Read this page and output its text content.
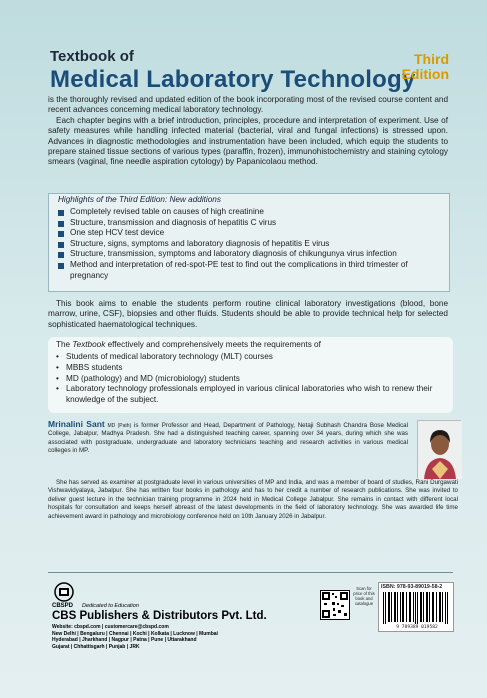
Textbook of
Medical Laboratory Technology
Third
Edition

is the thoroughly revised and updated edition of the book incorporating most of the revised course content and recent advances concerning medical laboratory technology.

Each chapter begins with a brief introduction, principles, procedure and interpretation of experiment. Use of safety measures while handling infected material (bacterial, viral and fungal infections) is stressed upon. Advances in diagnostic methodologies and instrumentation have been included, which equip the students to prepare stained tissue sections of various types (paraffin, frozen), immunohistochemistry and staining cytology smears (vaginal, fine needle aspiration cytology) by Papanicolaou method.

Highlights of the Third Edition: New additions
Completely revised table on causes of high creatinine
Structure, transmission and diagnosis of hepatitis C virus
One step HCV test device
Structure, signs, symptoms and laboratory diagnosis of hepatitis E virus
Structure, transmission, symptoms and laboratory diagnosis of chikungunya virus infection
Method and interpretation of red-spot-PE test to find out the complications in third trimester of pregnancy

This book aims to enable the students perform routine clinical laboratory investigations (blood, bone marrow, urine, CSF), biopsies and other fluids. Students should be able to provide technical help for selected sophisticated haematological techniques.

The Textbook effectively and comprehensively meets the requirements of
• Students of medical laboratory technology (MLT) courses
• MBBS students
• MD (pathology) and MD (microbiology) students
• Laboratory technology professionals employed in various clinical laboratories who wish to renew their knowledge of the subject.

Mrinalini Sant MD (Path) is former Professor and Head, Department of Pathology, Netaji Subhash Chandra Bose Medical College, Jabalpur, Madhya Pradesh. She had a distinguished teaching career, spanning over 34 years, during which she was associated with postgraduate, undergraduate and laboratory technicians teaching and research activities in various medical colleges in MP.

She has served as examiner at postgraduate level in various universities of MP and India, and was a member of board of studies, Rani Durgawati Vishwavidyalaya, Jabalpur. She has written four books in pathology and has to her credit a number of research publications. She was invited to deliver guest lecture in the technician training programme in 2024 held in Medical College Jabalpur. She remains in contact with different local hospitals for consultation and keeps herself abreast of the latest developments in the field of laboratory technology. She was awarded life time achievement award in pathology and microbiology conference held on 10th January 2026 in Jabalpur.

CBSPD Dedicated to Education
CBS Publishers & Distributors Pvt. Ltd.
Website: cbspd.com | customercare@cbspd.com
New Delhi | Bengaluru | Chennai | Kochi | Kolkata | Lucknow | Mumbai
Hyderabad | Jharkhand | Nagpur | Patna | Pune | Uttarakhand
Gujarat | Chhattisgarh | Punjab | JRK
Scan for price of this book and catalogue
ISBN: 978-93-89019-58-2
9 789389 019582
